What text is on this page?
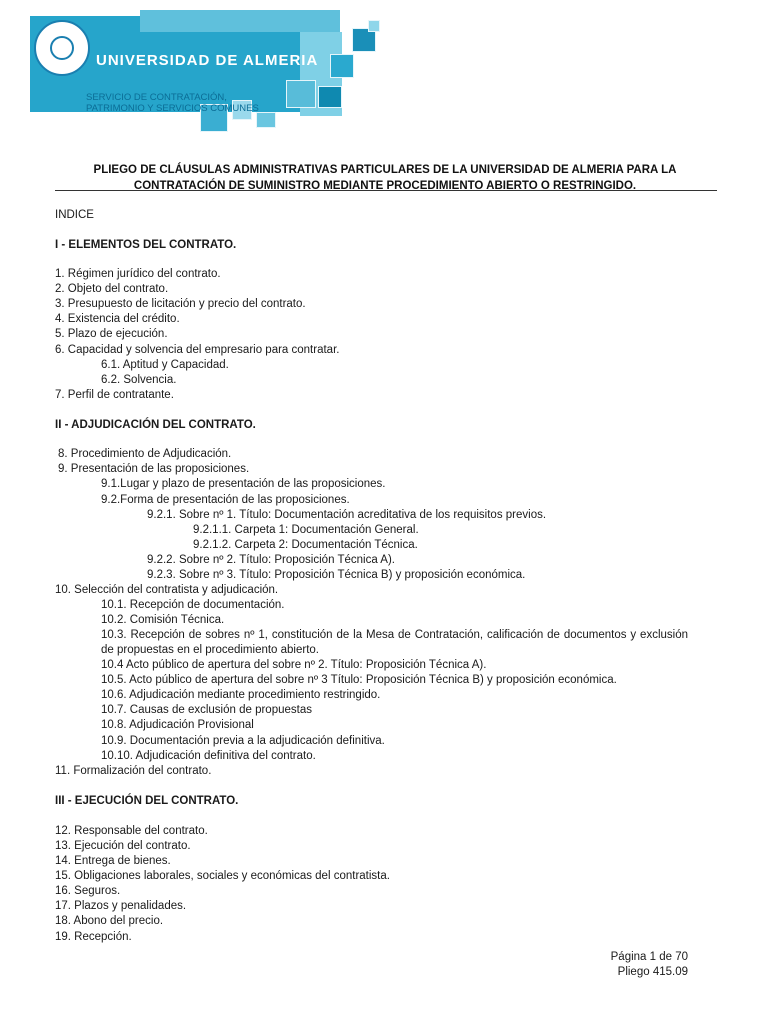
UNIVERSIDAD DE ALMERIA
SERVICIO DE CONTRATACIÓN,
PATRIMONIO Y SERVICIOS COMUNES
PLIEGO DE CLÁUSULAS ADMINISTRATIVAS PARTICULARES DE LA UNIVERSIDAD DE ALMERIA PARA LA
CONTRATACIÓN DE SUMINISTRO MEDIANTE PROCEDIMIENTO ABIERTO O RESTRINGIDO.
INDICE
I - ELEMENTOS DEL CONTRATO.
1. Régimen jurídico del contrato.
2. Objeto del contrato.
3. Presupuesto de licitación y precio del contrato.
4. Existencia del crédito.
5. Plazo de ejecución.
6. Capacidad y solvencia del empresario para contratar.
6.1. Aptitud y Capacidad.
6.2. Solvencia.
7. Perfil de contratante.
II - ADJUDICACIÓN DEL CONTRATO.
8. Procedimiento de Adjudicación.
9. Presentación de las proposiciones.
9.1.Lugar y plazo de presentación de las proposiciones.
9.2.Forma de presentación de las proposiciones.
9.2.1. Sobre nº 1. Título: Documentación acreditativa de los requisitos previos.
9.2.1.1. Carpeta 1: Documentación General.
9.2.1.2. Carpeta 2: Documentación Técnica.
9.2.2. Sobre nº 2. Título: Proposición Técnica A).
9.2.3. Sobre nº 3. Título: Proposición Técnica B) y proposición económica.
10. Selección del contratista y adjudicación.
10.1. Recepción de documentación.
10.2. Comisión Técnica.
10.3. Recepción de sobres nº 1, constitución de la Mesa de Contratación, calificación de documentos y exclusión de propuestas en el procedimiento abierto.
10.4 Acto público de apertura del sobre nº 2. Título: Proposición Técnica A).
10.5. Acto público de apertura del sobre nº 3 Título: Proposición Técnica B) y proposición económica.
10.6. Adjudicación mediante procedimiento restringido.
10.7. Causas de exclusión de propuestas
10.8. Adjudicación Provisional
10.9. Documentación previa a la adjudicación definitiva.
10.10. Adjudicación definitiva del contrato.
11. Formalización del contrato.
III - EJECUCIÓN DEL CONTRATO.
12. Responsable del contrato.
13. Ejecución del contrato.
14. Entrega de bienes.
15. Obligaciones laborales, sociales y económicas del contratista.
16. Seguros.
17. Plazos y penalidades.
18. Abono del precio.
19. Recepción.
Página 1 de 70
Pliego 415.09
